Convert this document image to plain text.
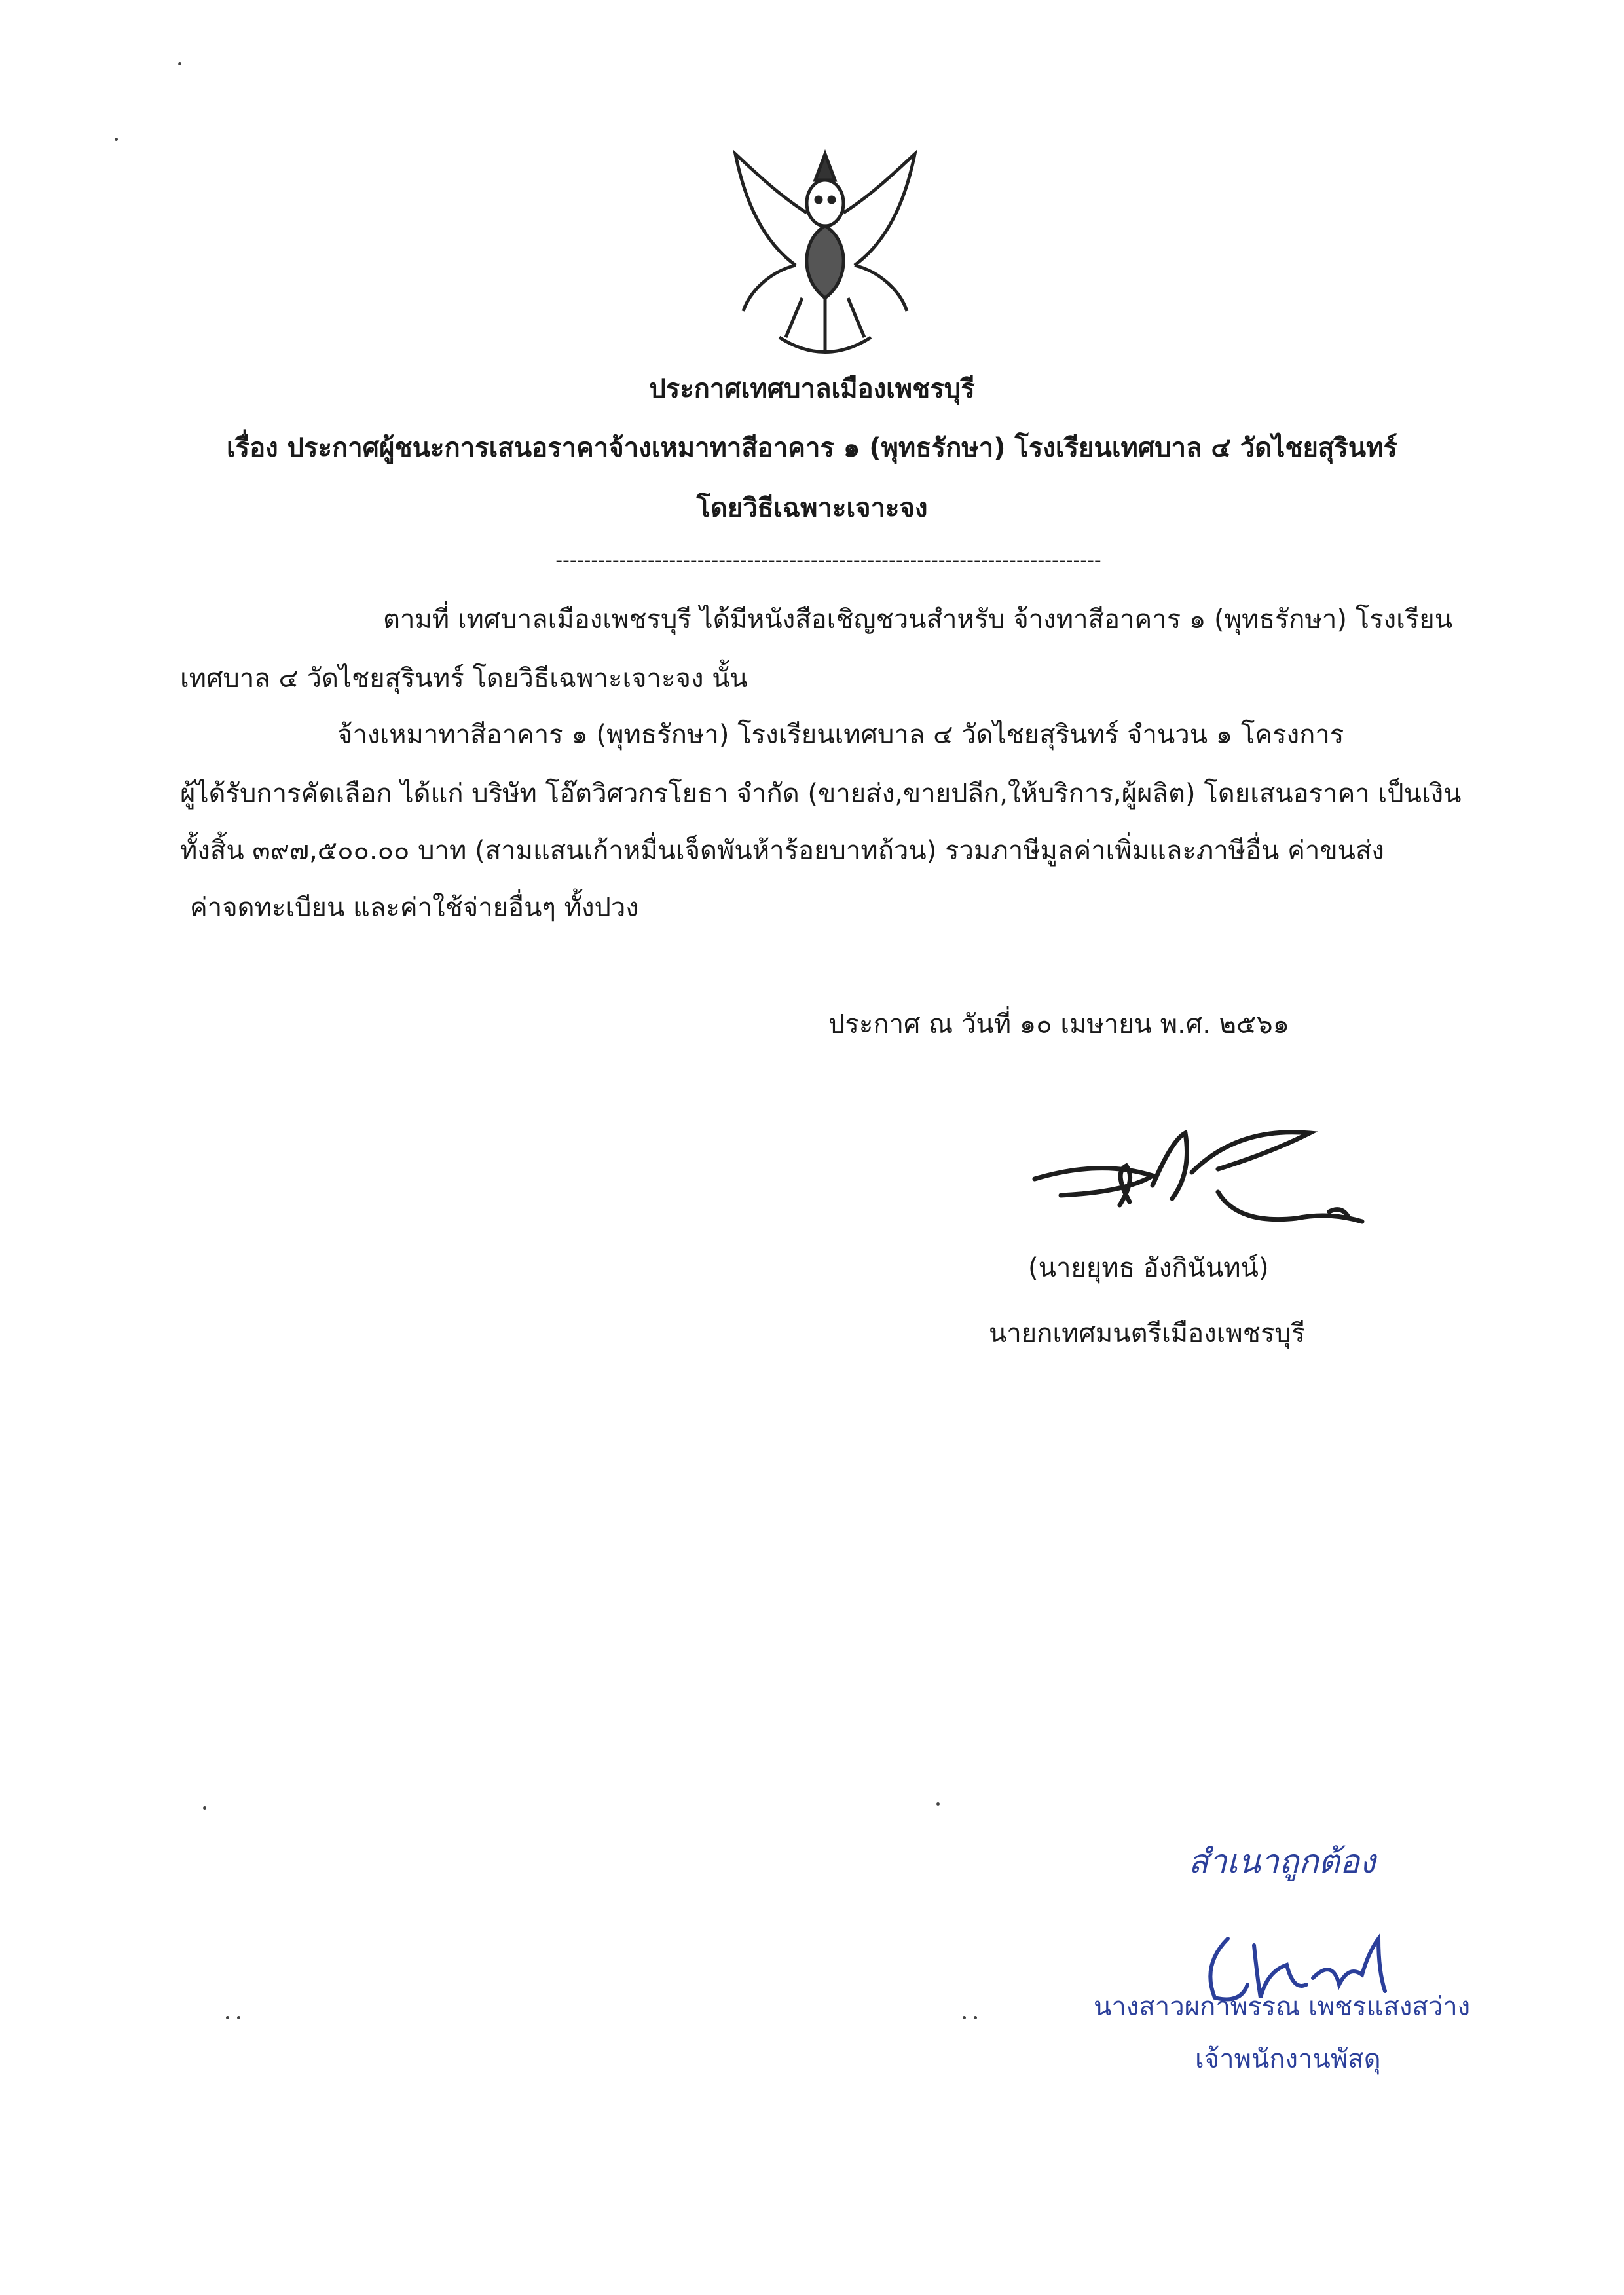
ประกาศเทศบาลเมืองเพชรบุรี
เรื่อง ประกาศผู้ชนะการเสนอราคาจ้างเหมาทาสีอาคาร ๑ (พุทธรักษา) โรงเรียนเทศบาล ๔ วัดไชยสุรินทร์
โดยวิธีเฉพาะเจาะจง
-----------------------------------------------------------------------------
ตามที่ เทศบาลเมืองเพชรบุรี ได้มีหนังสือเชิญชวนสำหรับ จ้างทาสีอาคาร ๑ (พุทธรักษา) โรงเรียน
เทศบาล ๔ วัดไชยสุรินทร์ โดยวิธีเฉพาะเจาะจง นั้น
จ้างเหมาทาสีอาคาร ๑ (พุทธรักษา) โรงเรียนเทศบาล ๔ วัดไชยสุรินทร์ จำนวน ๑ โครงการ
ผู้ได้รับการคัดเลือก ได้แก่ บริษัท โอ๊ตวิศวกรโยธา จำกัด (ขายส่ง,ขายปลีก,ให้บริการ,ผู้ผลิต) โดยเสนอราคา เป็นเงิน
ทั้งสิ้น ๓๙๗,๕๐๐.๐๐ บาท (สามแสนเก้าหมื่นเจ็ดพันห้าร้อยบาทถ้วน) รวมภาษีมูลค่าเพิ่มและภาษีอื่น ค่าขนส่ง
ค่าจดทะเบียน และค่าใช้จ่ายอื่นๆ ทั้งปวง
ประกาศ ณ วันที่ ๑๐ เมษายน พ.ศ. ๒๕๖๑
(นายยุทธ อังกินันทน์)
นายกเทศมนตรีเมืองเพชรบุรี
สำเนาถูกต้อง
นางสาวผกาพรรณ เพชรแสงสว่าง
เจ้าพนักงานพัสดุ
